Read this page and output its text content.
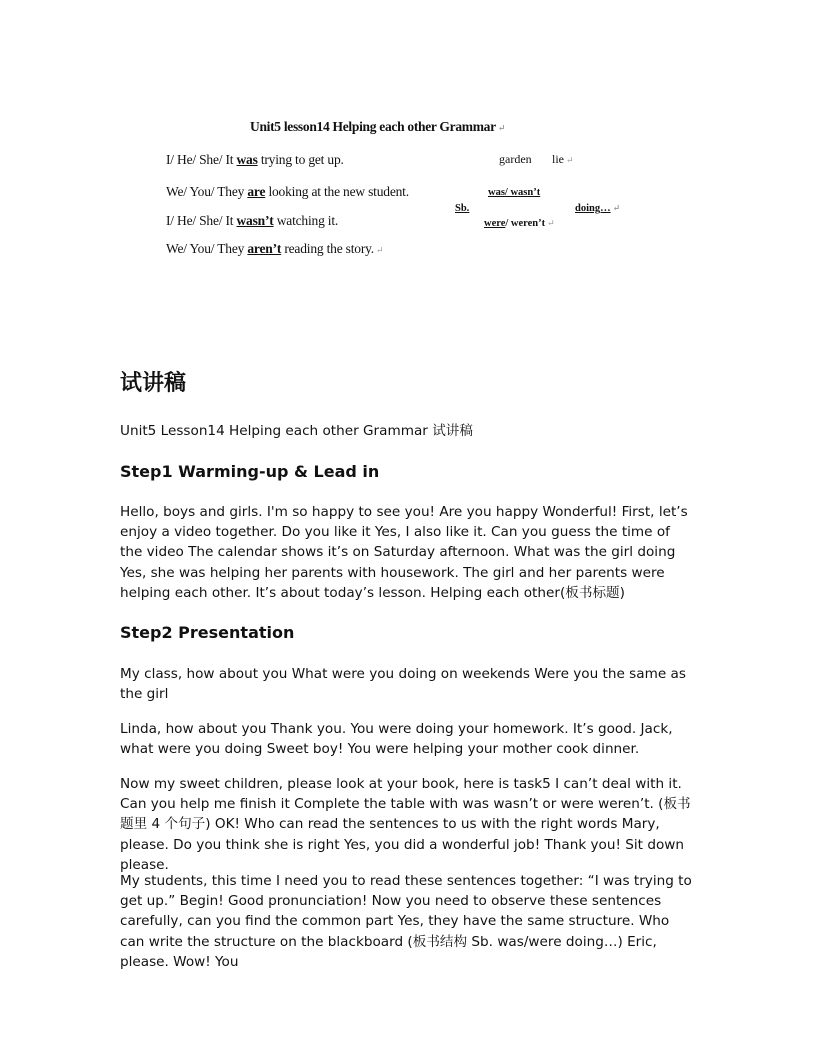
Unit5 lesson14 Helping each other Grammar ↵
I/ He/ She/ It was trying to get up.
We/ You/ They are looking at the new student.
I/ He/ She/ It wasn’t watching it.
We/ You/ They aren’t reading the story. ↵
garden lie ↵
was/ wasn’t
Sb.	doing… ↵
were/ weren’t ↵
试讲稿
Unit5 Lesson14 Helping each other Grammar 试讲稿
Step1 Warming-up & Lead in

Hello, boys and girls. I'm so happy to see you! Are you happy Wonderful! First, let’s enjoy a video together. Do you like it Yes, I also like it. Can you guess the time of the video The calendar shows it’s on Saturday afternoon. What was the girl doing Yes, she was helping her parents with housework. The girl and her parents were helping each other. It’s about today’s lesson. Helping each other(板书标题)

Step2 Presentation

My class, how about you What were you doing on weekends Were you the same as the girl

Linda, how about you Thank you. You were doing your homework. It’s good. Jack, what were you doing Sweet boy! You were helping your mother cook dinner.

Now my sweet children, please look at your book, here is task5 I can’t deal with it. Can you help me finish it Complete the table with was wasn’t or were weren’t. (板书题里 4 个句子) OK! Who can read the sentences to us with the right words Mary, please. Do you think she is right Yes, you did a wonderful job! Thank you! Sit down please.

My students, this time I need you to read these sentences together: “I was trying to get up.” Begin! Good pronunciation! Now you need to observe these sentences carefully, can you find the common part Yes, they have the same structure. Who can write the structure on the blackboard (板书结构 Sb. was/were doing…) Eric, please. Wow! You
